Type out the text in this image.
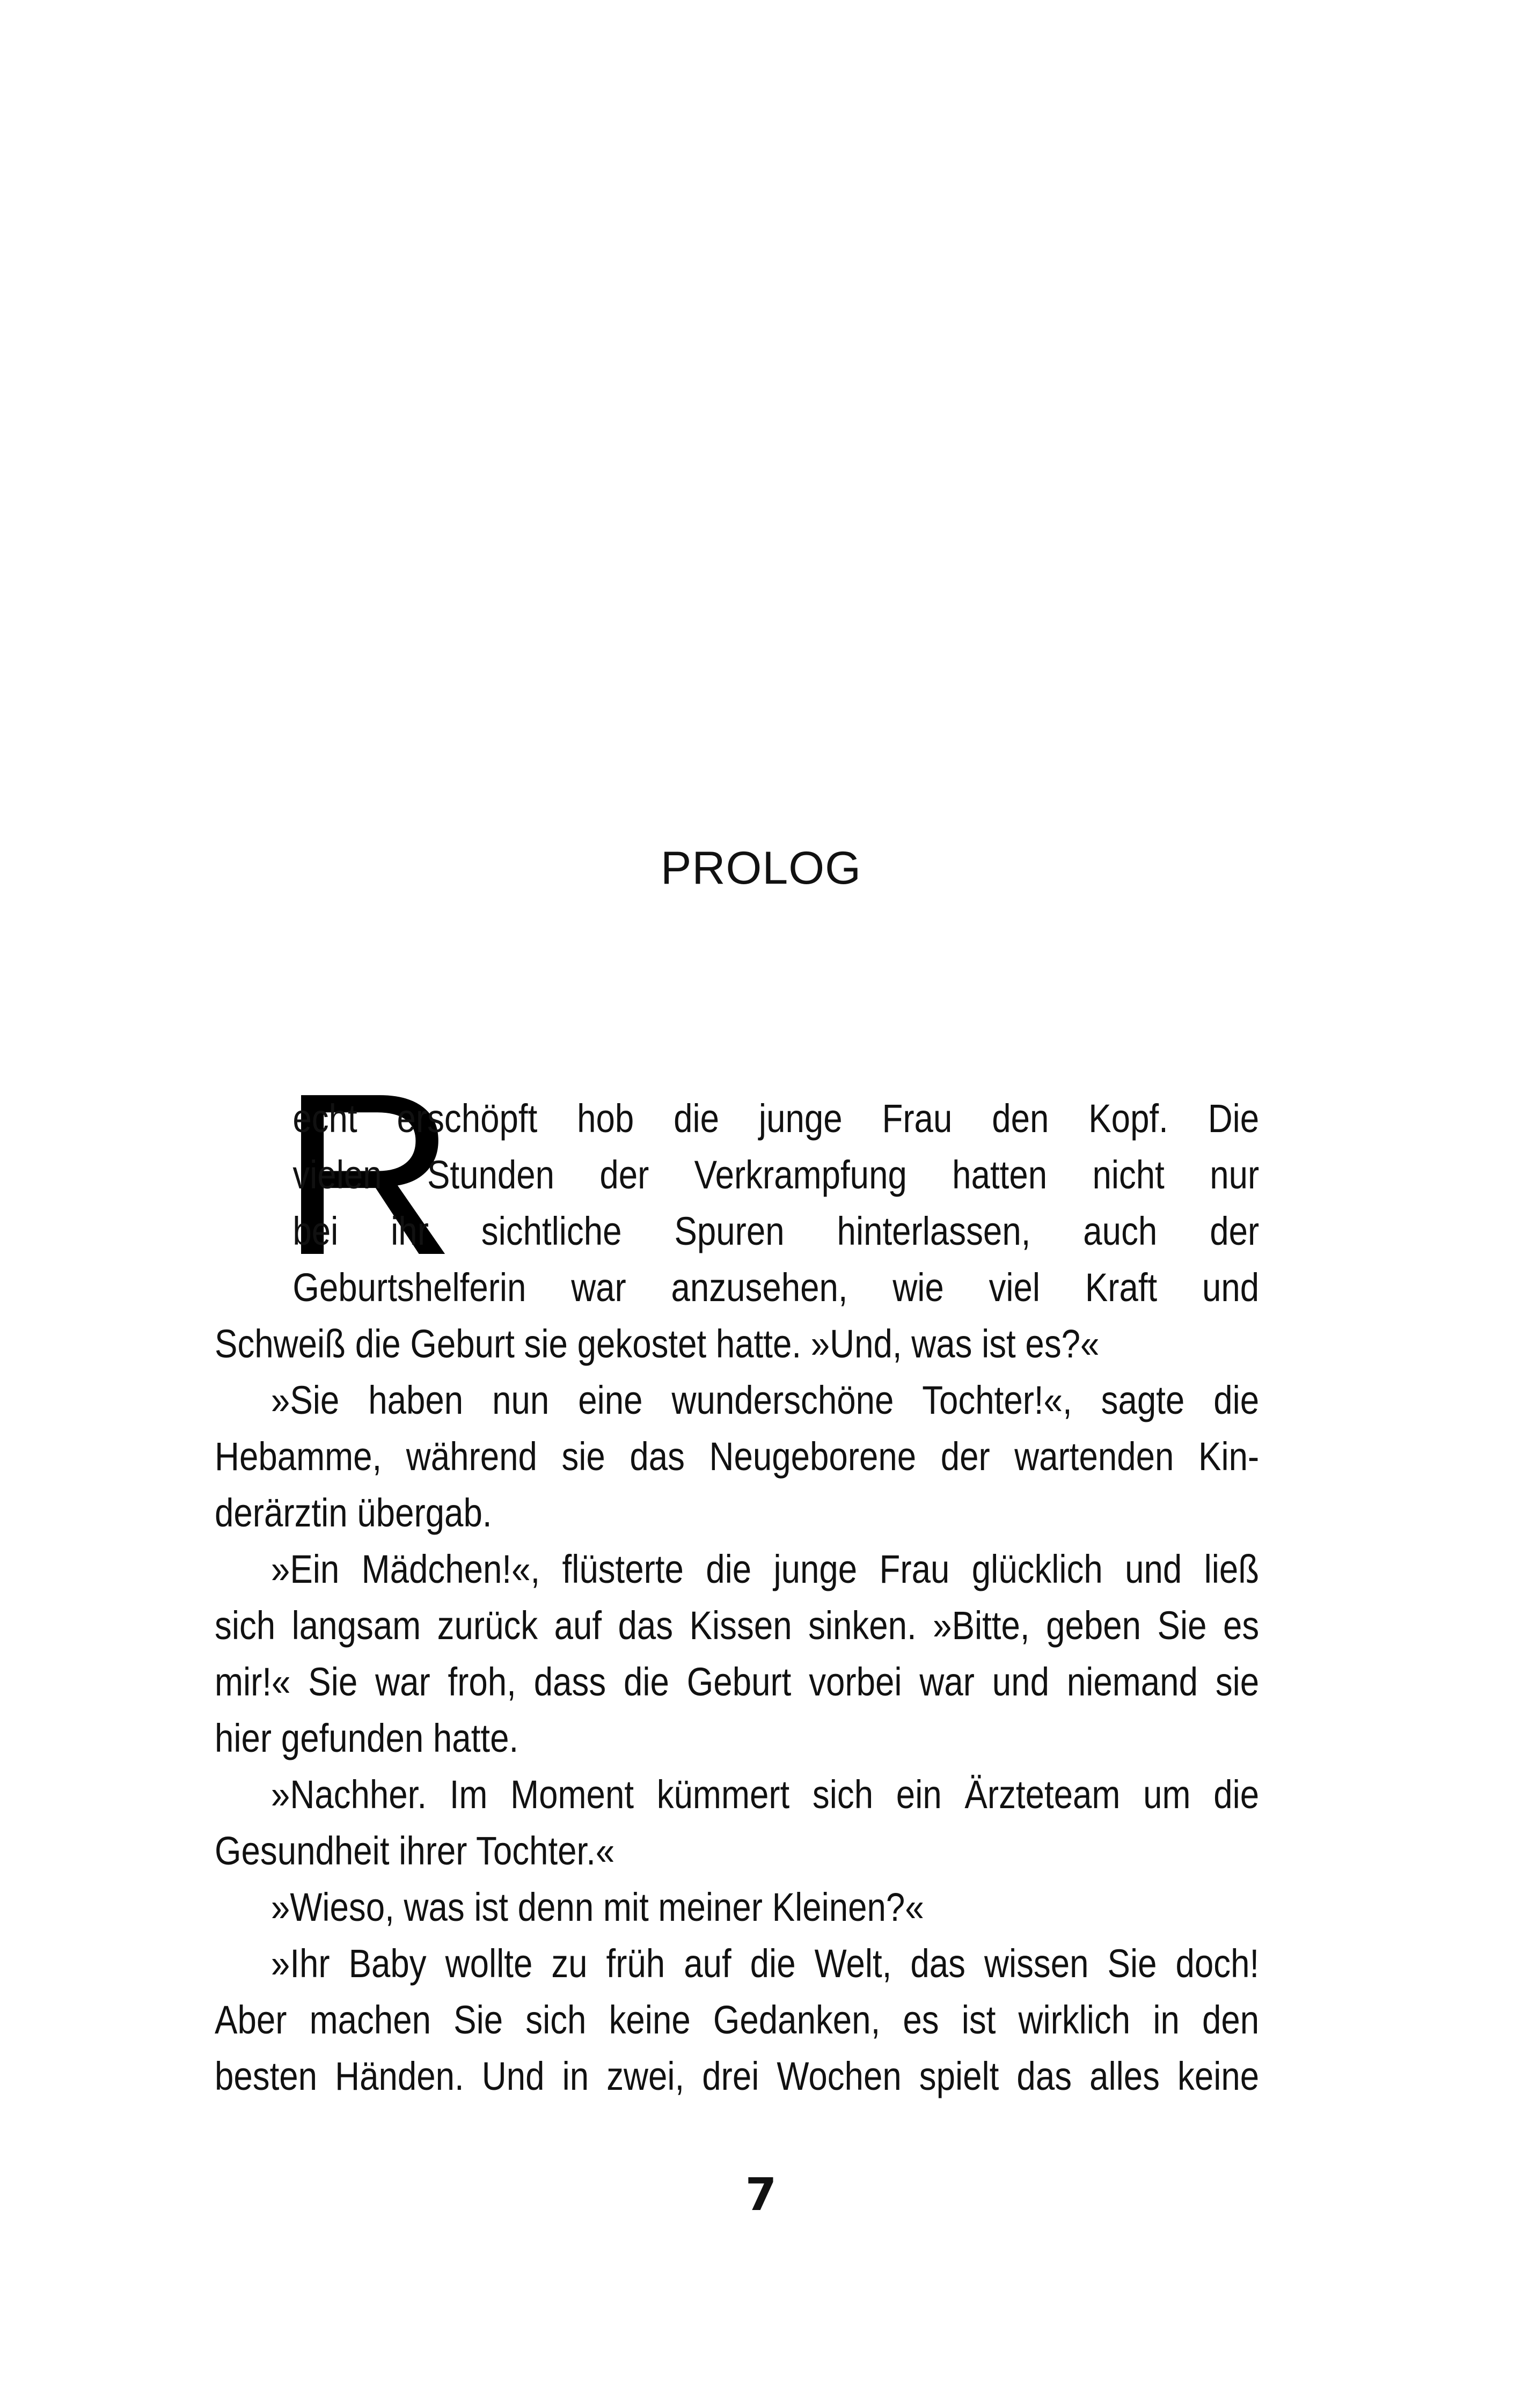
PROLOG
R
echt erschöpft hob die junge Frau den Kopf. Die
vielen Stunden der Verkrampfung hatten nicht nur
bei ihr sichtliche Spuren hinterlassen, auch der
Geburtshelferin war anzusehen, wie viel Kraft und
Schweiß die Geburt sie gekostet hatte. »Und, was ist es?«
»Sie haben nun eine wunderschöne Tochter!«, sagte die
Hebamme, während sie das Neugeborene der wartenden Kin-
derärztin übergab.
»Ein Mädchen!«, flüsterte die junge Frau glücklich und ließ
sich langsam zurück auf das Kissen sinken. »Bitte, geben Sie es
mir!« Sie war froh, dass die Geburt vorbei war und niemand sie
hier gefunden hatte.
»Nachher. Im Moment kümmert sich ein Ärzteteam um die
Gesundheit ihrer Tochter.«
»Wieso, was ist denn mit meiner Kleinen?«
»Ihr Baby wollte zu früh auf die Welt, das wissen Sie doch!
Aber machen Sie sich keine Gedanken, es ist wirklich in den
besten Händen. Und in zwei, drei Wochen spielt das alles keine
7
